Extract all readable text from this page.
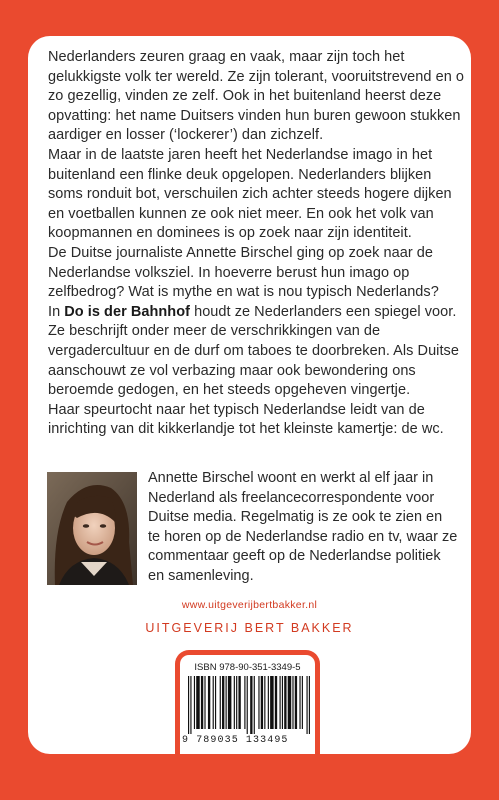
Nederlanders zeuren graag en vaak, maar zijn toch het gelukkigste volk ter wereld. Ze zijn tolerant, vooruitstrevend en o zo gezellig, vinden ze zelf. Ook in het buitenland heerst deze opvatting: het name Duitsers vinden hun buren gewoon stukken aardiger en losser (‘lockerer’) dan zichzelf.

Maar in de laatste jaren heeft het Nederlandse imago in het buitenland een flinke deuk opgelopen. Nederlanders blijken soms ronduit bot, verschuilen zich achter steeds hogere dijken en voetballen kunnen ze ook niet meer. En ook het volk van koopmannen en dominees is op zoek naar zijn identiteit.

De Duitse journaliste Annette Birschel ging op zoek naar de Nederlandse volksziel. In hoeverre berust hun imago op zelfbedrog? Wat is mythe en wat is nou typisch Nederlands?

In Do is der Bahnhof houdt ze Nederlanders een spiegel voor. Ze beschrijft onder meer de verschrikkingen van de vergadercultuur en de durf om taboes te doorbreken. Als Duitse aanschouwt ze vol verbazing maar ook bewondering ons beroemde gedogen, en het steeds opgeheven vingertje.

Haar speurtocht naar het typisch Nederlandse leidt van de inrichting van dit kikkerlandje tot het kleinste kamertje: de wc.

Annette Birschel woont en werkt al elf jaar in Nederland als freelancecorrespondente voor Duitse media. Regelmatig is ze ook te zien en te horen op de Nederlandse radio en tv, waar ze commentaar geeft op de Nederlandse politiek en samenleving.
www.uitgeverijbertbakker.nl
UITGEVERIJ BERT BAKKER
ISBN 978-90-351-3349-5
9 789035 133495
